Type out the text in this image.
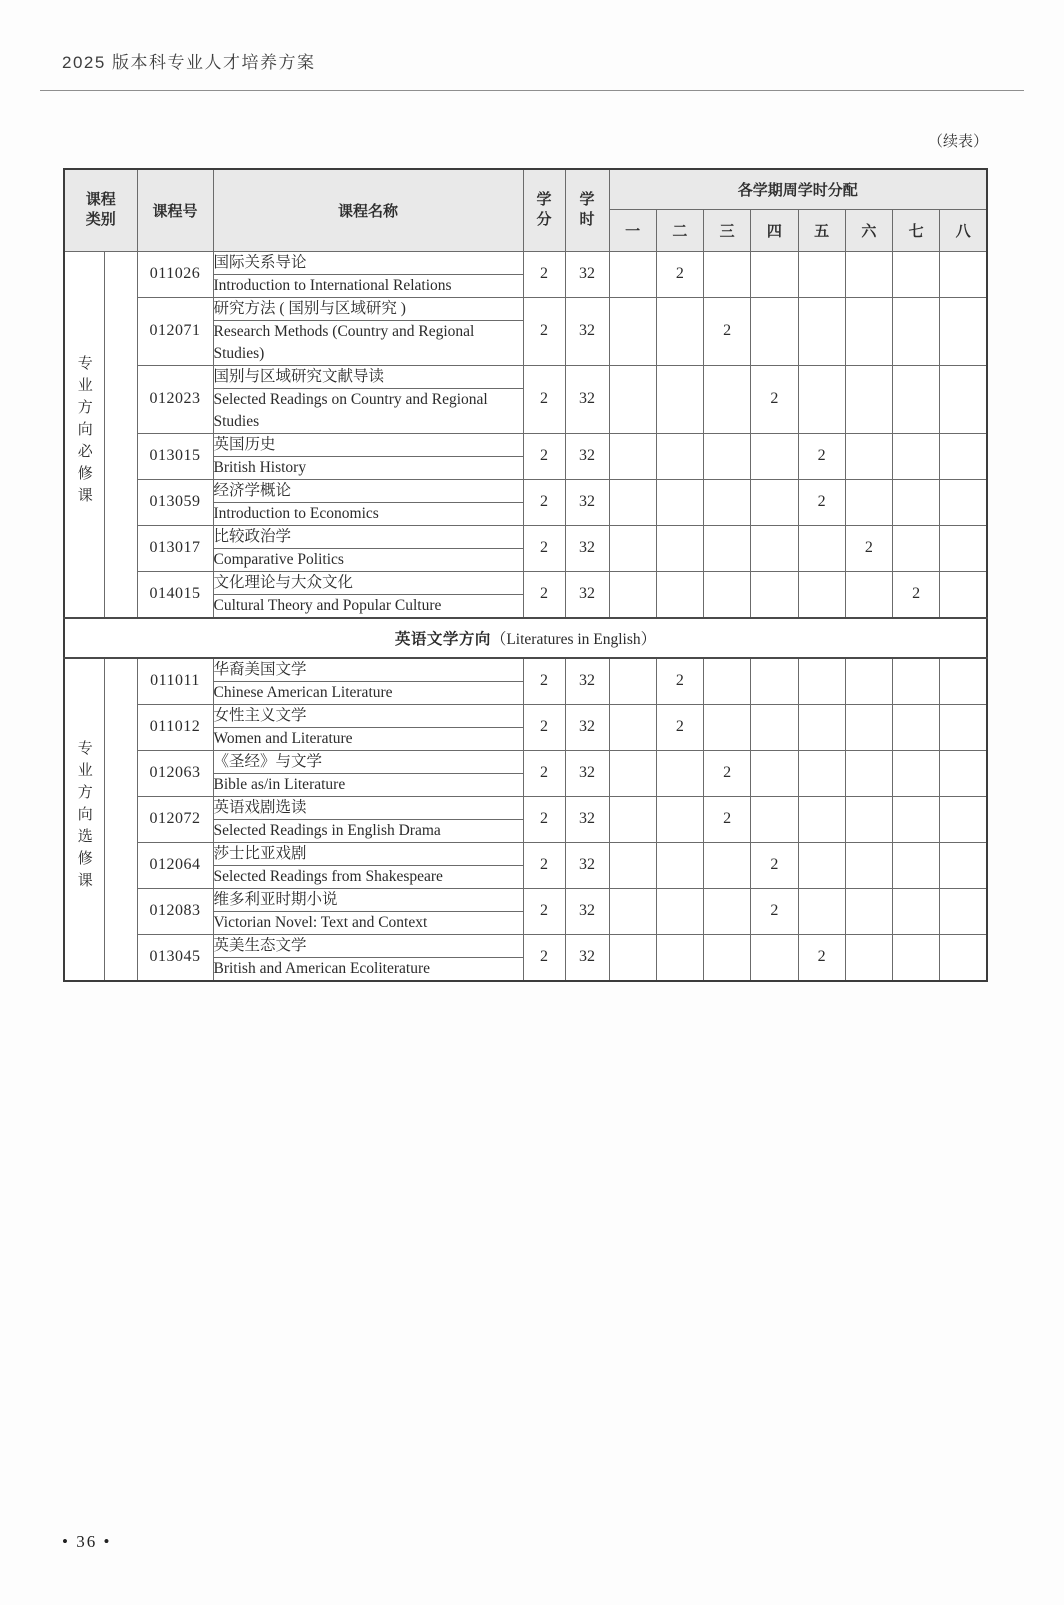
2025 版本科专业人才培养方案
（续表）
课程类别		课程号	课程名称	学分	学时	各学期周学时分配							
						一	二	三	四	五	六	七	八
专业方向必修课		011026	国际关系导论	2	32		2						
			Introduction to International Relations										
		012071	研究方法 ( 国别与区域研究 )	2	32			2					
			Research Methods (Country and Regional Studies)										
		012023	国别与区域研究文献导读	2	32				2				
			Selected Readings on Country and Regional Studies										
		013015	英国历史	2	32					2			
			British History										
		013059	经济学概论	2	32					2			
			Introduction to Economics										
		013017	比较政治学	2	32						2		
			Comparative Politics										
		014015	文化理论与大众文化	2	32							2	
			Cultural Theory and Popular Culture										
英语文学方向（Literatures in English）													
专业方向选修课		011011	华裔美国文学	2	32		2						
			Chinese American Literature										
		011012	女性主义文学	2	32		2						
			Women and Literature										
		012063	《圣经》与文学	2	32			2					
			Bible as/in Literature										
		012072	英语戏剧选读	2	32			2					
			Selected Readings in English Drama										
		012064	莎士比亚戏剧	2	32				2				
			Selected Readings from Shakespeare										
		012083	维多利亚时期小说	2	32				2				
			Victorian Novel: Text and Context										
		013045	英美生态文学	2	32					2			
			British and American Ecoliterature										
• 36 •
